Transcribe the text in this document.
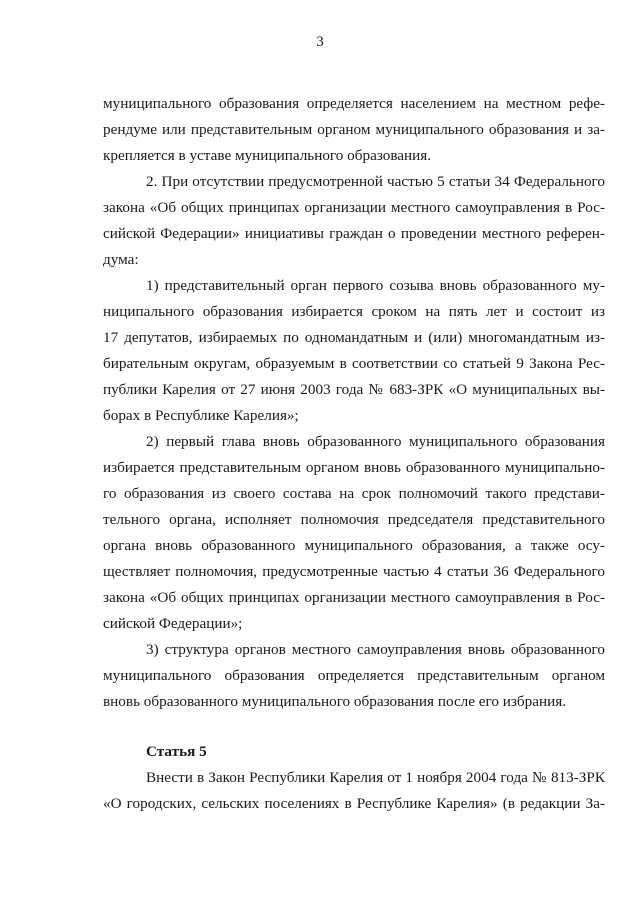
3
муниципального образования определяется населением на местном рефе-
рендуме или представительным органом муниципального образования и за-
крепляется в уставе муниципального образования.
2. При отсутствии предусмотренной частью 5 статьи 34 Федерального
закона «Об общих принципах организации местного самоуправления в Рос-
сийской Федерации» инициативы граждан о проведении местного референ-
дума:
1) представительный орган первого созыва вновь образованного му-
ниципального образования избирается сроком на пять лет и состоит из
17 депутатов, избираемых по одномандатным и (или) многомандатным из-
бирательным округам, образуемым в соответствии со статьей 9 Закона Рес-
публики Карелия от 27 июня 2003 года № 683-ЗРК «О муниципальных вы-
борах в Республике Карелия»;
2) первый глава вновь образованного муниципального образования
избирается представительным органом вновь образованного муниципально-
го образования из своего состава на срок полномочий такого представи-
тельного органа, исполняет полномочия председателя представительного
органа вновь образованного муниципального образования, а также осу-
ществляет полномочия, предусмотренные частью 4 статьи 36 Федерального
закона «Об общих принципах организации местного самоуправления в Рос-
сийской Федерации»;
3) структура органов местного самоуправления вновь образованного
муниципального образования определяется представительным органом
вновь образованного муниципального образования после его избрания.
Статья 5
Внести в Закон Республики Карелия от 1 ноября 2004 года № 813-ЗРК
«О городских, сельских поселениях в Республике Карелия» (в редакции За-
